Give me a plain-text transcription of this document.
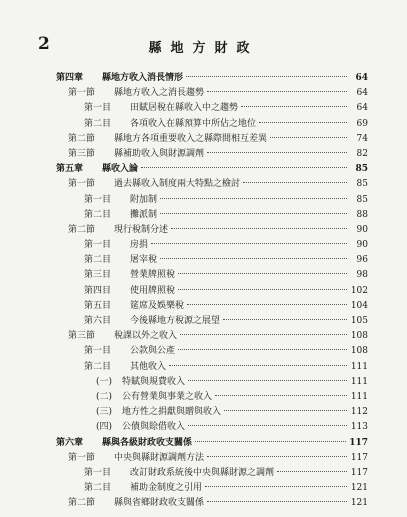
2	縣地方財政
第四章	縣地方收入消長情形	64
第一節	縣地方收入之消長趨勢	64
第一目	田賦居稅在縣收入中之趨勢	64
第二目	各項收入在縣預算中所佔之地位	69
第二節	縣地方各項重要收入之縣際間相互差異	74
第三節	縣補助收入與財源調劑	82
第五章	縣收入論	85
第一節	過去縣收入制度兩大特點之檢討	85
第一目	附加制	85
第二目	攤派制	88
第二節	現行稅制分述	90
第一目	房捐	90
第二目	屠宰稅	96
第三目	營業牌照稅	98
第四目	使用牌照稅	102
第五目	筵席及娛樂稅	104
第六目	今後縣地方稅源之展望	105
第三節	稅課以外之收入	108
第一目	公款與公產	108
第二目	其他收入	111
(一)	特賦與規費收入	111
(二)	公有營業與事業之收入	111
(三)	地方性之捐獻與贈與收入	112
(四)	公債與賒借收入	113
第六章	縣與各級財政收支關係	117
第一節	中央與縣財源調劑方法	117
第一目	改訂財政系統後中央與縣財源之調劑	117
第二目	補助金制度之引用	121
第二節	縣與省鄉財政收支關係	121
